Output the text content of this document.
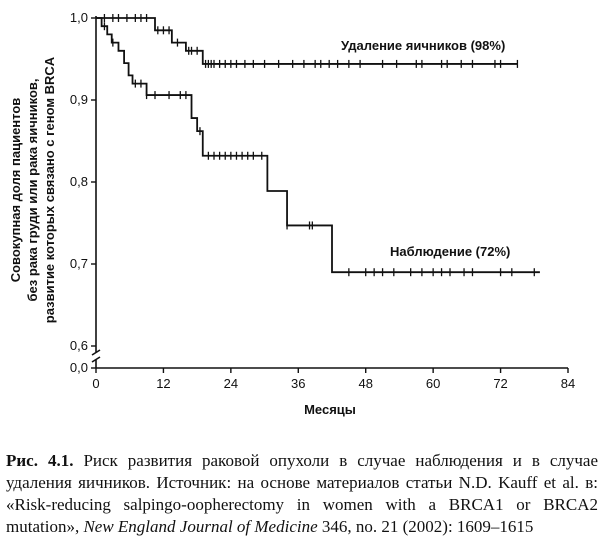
1,0
0,9
0,8
0,7
0,6
0,0
0	12	24	36	48	60	72	84
Месяцы
Совокупная доля пациентов без рака груди или рака яичников, развитие которых связано с геном BRCA
Удаление яичников (98%)
Наблюдение (72%)
Рис. 4.1. Риск развития раковой опухоли в случае наблюдения и в случае удаления яичников. Источник: на основе материалов статьи N.D. Kauff et al. в: «Risk-reducing salpingo-oopherectomy in women with a BRCA1 or BRCA2 mutation», New England Journal of Medicine 346, no. 21 (2002): 1609–1615
